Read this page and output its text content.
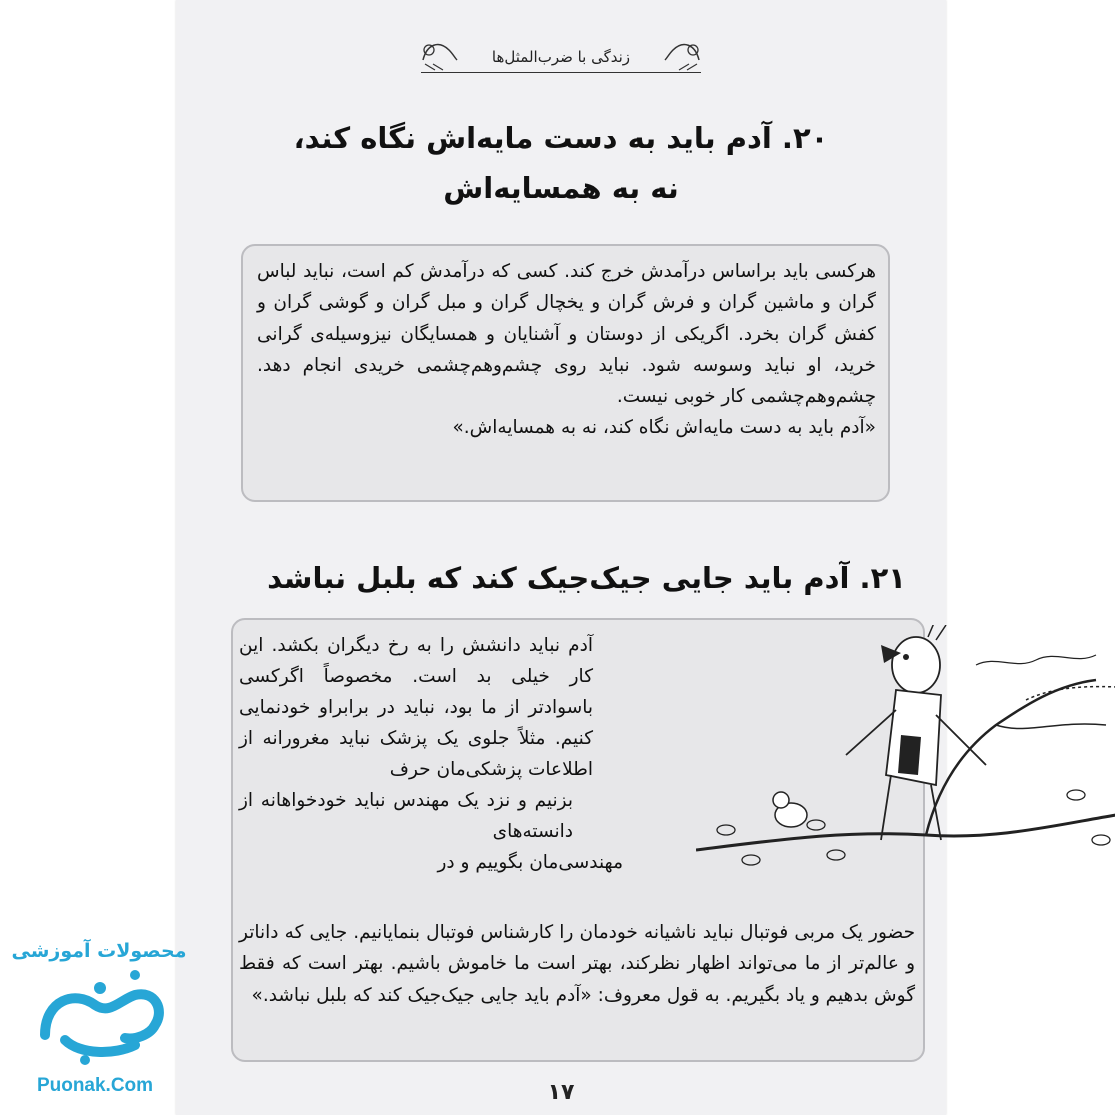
زندگی با ضرب‌المثل‌ها
۲۰. آدم باید به دست مایه‌اش نگاه کند،
نه به همسایه‌اش
هرکسی باید براساس درآمدش خرج کند. کسی که درآمدش کم است، نباید لباس گران و ماشین گران و فرش گران و یخچال گران و مبل گران و گوشی گران و کفش گران بخرد. اگریکی از دوستان و آشنایان و همسایگان نیزوسیله‌ی گرانی خرید، او نباید وسوسه شود. نباید روی چشم‌وهم‌چشمی خریدی انجام دهد. چشم‌وهم‌چشمی کار خوبی نیست.
«آدم باید به دست مایه‌اش نگاه کند، نه به همسایه‌اش.»
۲۱. آدم باید جایی جیک‌جیک کند که بلبل نباشد
آدم نباید دانشش را به رخ دیگران بکشد. این کار خیلی بد است. مخصوصاً اگرکسی باسوادتر از ما بود، نباید در برابراو خودنمایی کنیم. مثلاً جلوی یک پزشک نباید مغرورانه از اطلاعات پزشکی‌مان حرف
بزنیم و نزد یک مهندس نباید خودخواهانه از دانسته‌های
مهندسی‌مان بگوییم و در
حضور یک مربی فوتبال نباید ناشیانه خودمان را کارشناس فوتبال بنمایانیم. جایی که داناتر و عالم‌تر از ما می‌تواند اظهار نظرکند، بهتر است ما خاموش باشیم. بهتر است که فقط گوش بدهیم و یاد بگیریم. به قول معروف: «آدم باید جایی جیک‌جیک کند که بلبل نباشد.»
۱۷
محصولات آموزشی
Puonak.Com
